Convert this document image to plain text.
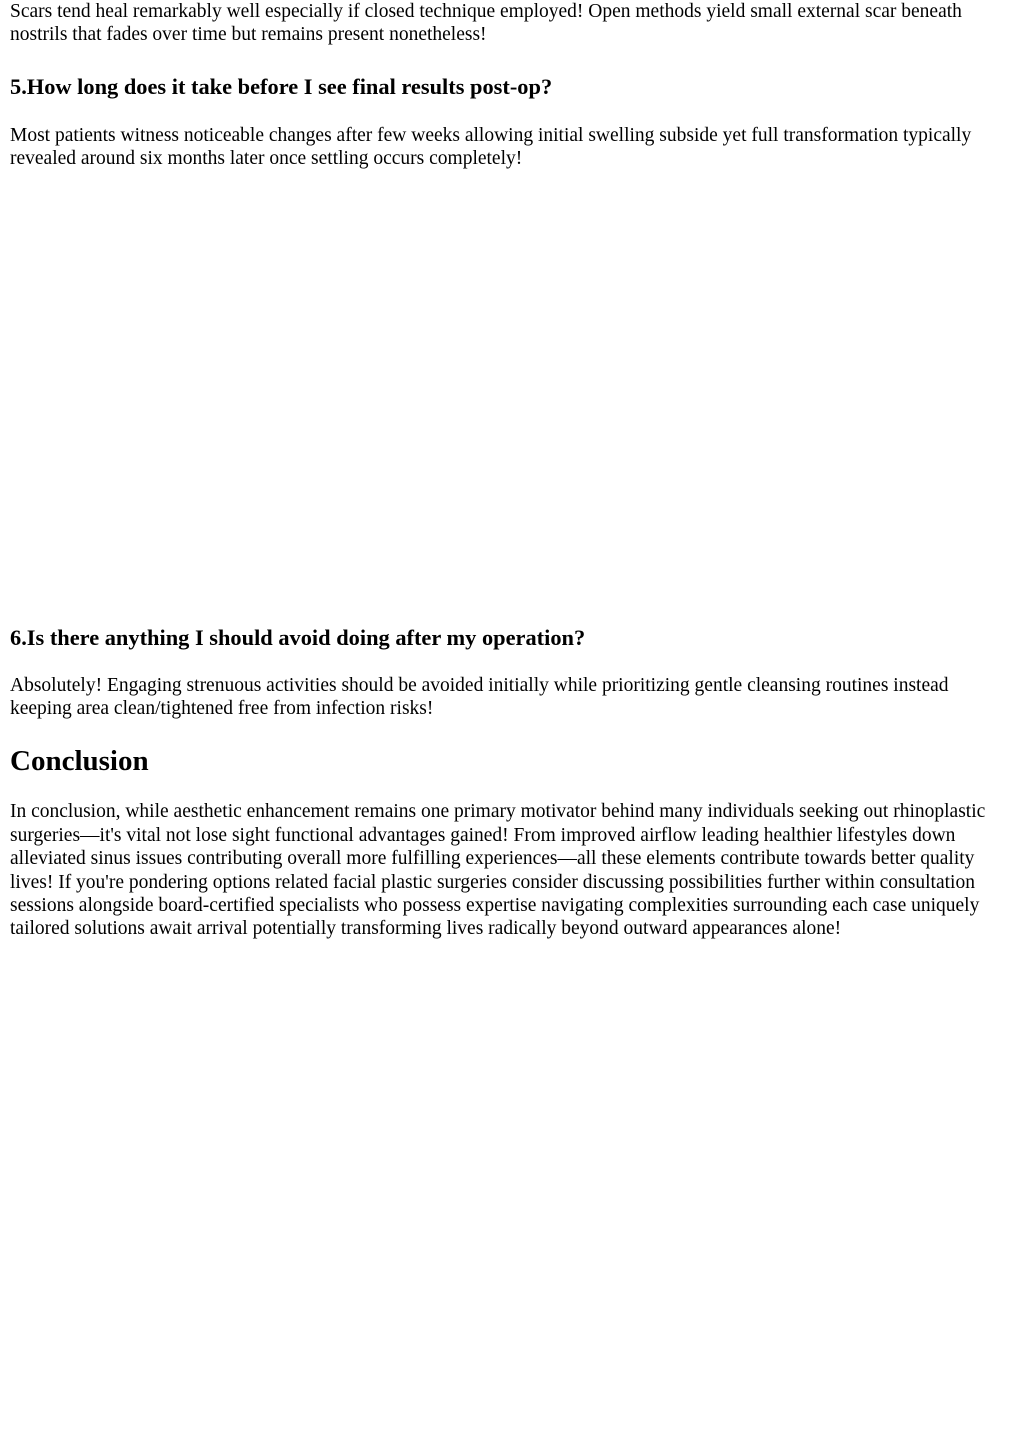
Scars tend heal remarkably well especially if closed technique employed! Open methods yield small external scar beneath nostrils that fades over time but remains present nonetheless!

5.How long does it take before I see final results post-op?

Most patients witness noticeable changes after few weeks allowing initial swelling subside yet full transformation typically revealed around six months later once settling occurs completely!

6.Is there anything I should avoid doing after my operation?

Absolutely! Engaging strenuous activities should be avoided initially while prioritizing gentle cleansing routines instead keeping area clean/tightened free from infection risks!

Conclusion

In conclusion, while aesthetic enhancement remains one primary motivator behind many individuals seeking out rhinoplastic surgeries—it's vital not lose sight functional advantages gained! From improved airflow leading healthier lifestyles down alleviated sinus issues contributing overall more fulfilling experiences—all these elements contribute towards better quality lives! If you're pondering options related facial plastic surgeries consider discussing possibilities further within consultation sessions alongside board-certified specialists who possess expertise navigating complexities surrounding each case uniquely tailored solutions await arrival potentially transforming lives radically beyond outward appearances alone!
